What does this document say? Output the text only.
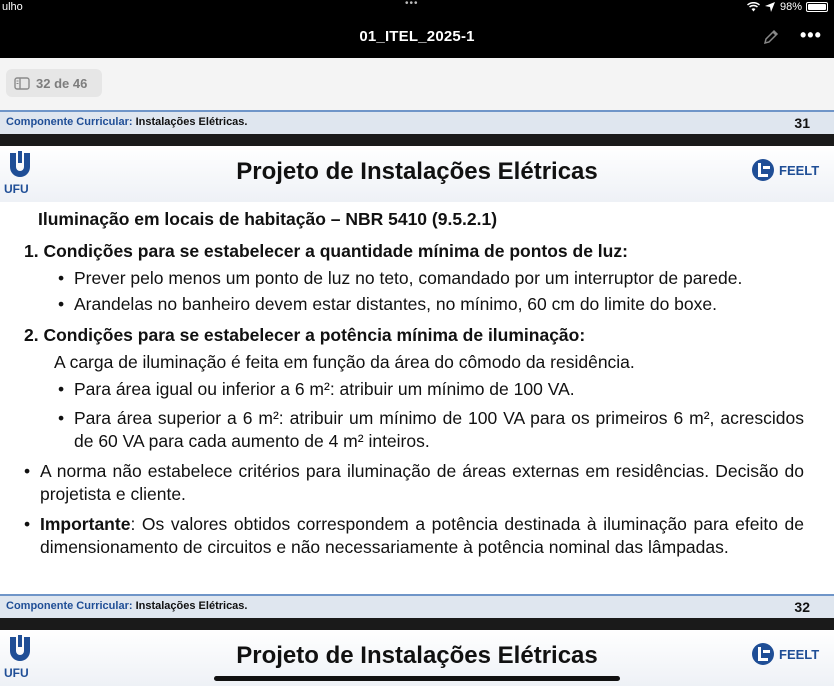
ulho	•••	98%
01_ITEL_2025-1	•••
32 de 46
Componente Curricular: Instalações Elétricas.	31
UFU
Projeto de Instalações Elétricas	FEELT
Iluminação em locais de habitação – NBR 5410 (9.5.2.1)
1. Condições para se estabelecer a quantidade mínima de pontos de luz:
• Prever pelo menos um ponto de luz no teto, comandado por um interruptor de parede.
• Arandelas no banheiro devem estar distantes, no mínimo, 60 cm do limite do boxe.
2. Condições para se estabelecer a potência mínima de iluminação:
A carga de iluminação é feita em função da área do cômodo da residência.
• Para área igual ou inferior a 6 m²: atribuir um mínimo de 100 VA.
• Para área superior a 6 m²: atribuir um mínimo de 100 VA para os primeiros 6 m², acrescidos de 60 VA para cada aumento de 4 m² inteiros.
• A norma não estabelece critérios para iluminação de áreas externas em residências. Decisão do projetista e cliente.
• Importante: Os valores obtidos correspondem a potência destinada à iluminação para efeito de dimensionamento de circuitos e não necessariamente à potência nominal das lâmpadas.
Componente Curricular: Instalações Elétricas.	32
UFU
Projeto de Instalações Elétricas	FEELT
